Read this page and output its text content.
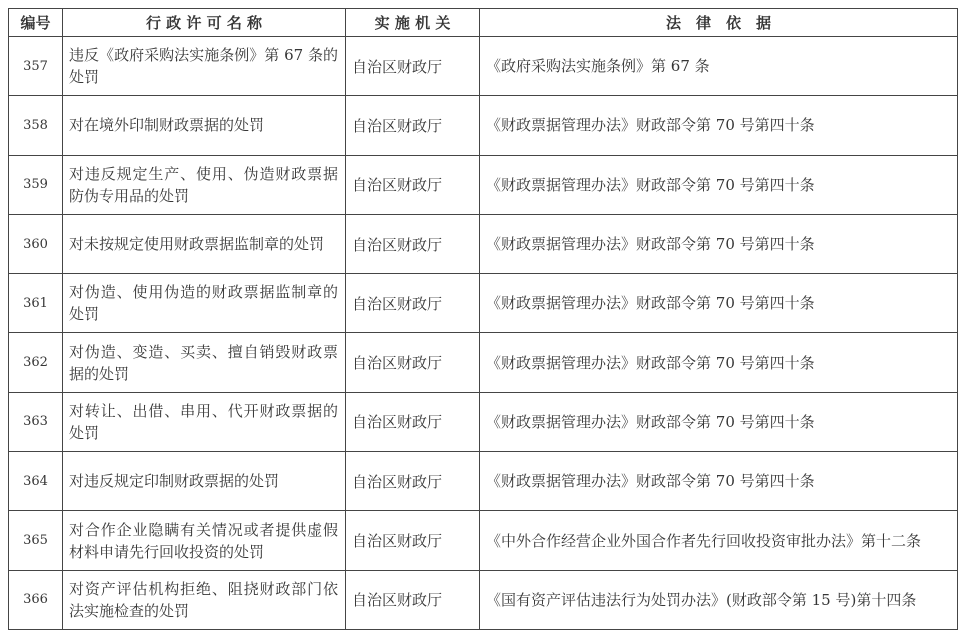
编号	行 政 许 可 名 称	实 施 机 关	法　律　依　据
357	违反《政府采购法实施条例》第 67 条的处罚	自治区财政厅	《政府采购法实施条例》第 67 条
358	对在境外印制财政票据的处罚	自治区财政厅	《财政票据管理办法》财政部令第 70 号第四十条
359	对违反规定生产、使用、伪造财政票据防伪专用品的处罚	自治区财政厅	《财政票据管理办法》财政部令第 70 号第四十条
360	对未按规定使用财政票据监制章的处罚	自治区财政厅	《财政票据管理办法》财政部令第 70 号第四十条
361	对伪造、使用伪造的财政票据监制章的处罚	自治区财政厅	《财政票据管理办法》财政部令第 70 号第四十条
362	对伪造、变造、买卖、擅自销毁财政票据的处罚	自治区财政厅	《财政票据管理办法》财政部令第 70 号第四十条
363	对转让、出借、串用、代开财政票据的处罚	自治区财政厅	《财政票据管理办法》财政部令第 70 号第四十条
364	对违反规定印制财政票据的处罚	自治区财政厅	《财政票据管理办法》财政部令第 70 号第四十条
365	对合作企业隐瞒有关情况或者提供虚假材料申请先行回收投资的处罚	自治区财政厅	《中外合作经营企业外国合作者先行回收投资审批办法》第十二条
366	对资产评估机构拒绝、阻挠财政部门依法实施检查的处罚	自治区财政厅	《国有资产评估违法行为处罚办法》(财政部令第 15 号)第十四条
